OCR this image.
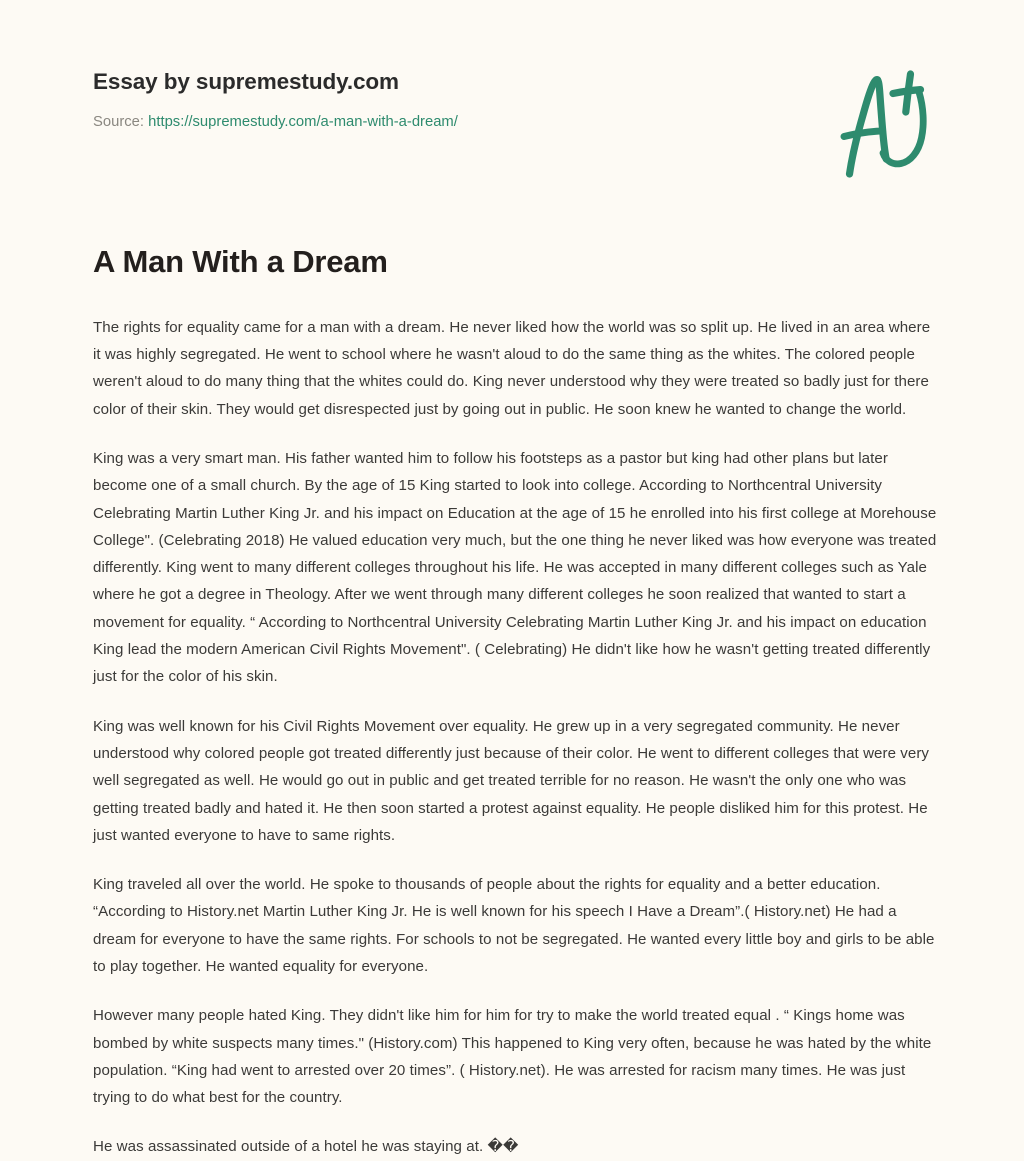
Essay by supremestudy.com
Source: https://supremestudy.com/a-man-with-a-dream/
A Man With a Dream

The rights for equality came for a man with a dream. He never liked how the world was so split up. He lived in an area where it was highly segregated. He went to school where he wasn't aloud to do the same thing as the whites. The colored people weren't aloud to do many thing that the whites could do. King never understood why they were treated so badly just for there color of their skin. They would get disrespected just by going out in public. He soon knew he wanted to change the world.

King was a very smart man. His father wanted him to follow his footsteps as a pastor but king had other plans but later become one of a small church. By the age of 15 King started to look into college. According to Northcentral University Celebrating Martin Luther King Jr. and his impact on Education at the age of 15 he enrolled into his first college at Morehouse College". (Celebrating 2018) He valued education very much, but the one thing he never liked was how everyone was treated differently. King went to many different colleges throughout his life. He was accepted in many different colleges such as Yale where he got a degree in Theology. After we went through many different colleges he soon realized that wanted to start a movement for equality. “ According to Northcentral University Celebrating Martin Luther King Jr. and his impact on education King lead the modern American Civil Rights Movement". ( Celebrating) He didn't like how he wasn't getting treated differently just for the color of his skin.

King was well known for his Civil Rights Movement over equality. He grew up in a very segregated community. He never understood why colored people got treated differently just because of their color. He went to different colleges that were very well segregated as well. He would go out in public and get treated terrible for no reason. He wasn't the only one who was getting treated badly and hated it. He then soon started a protest against equality. He people disliked him for this protest. He just wanted everyone to have to same rights.

King traveled all over the world. He spoke to thousands of people about the rights for equality and a better education. “According to History.net Martin Luther King Jr. He is well known for his speech I Have a Dream”.( History.net) He had a dream for everyone to have the same rights. For schools to not be segregated. He wanted every little boy and girls to be able to play together. He wanted equality for everyone.

However many people hated King. They didn't like him for him for try to make the world treated equal . “ Kings home was bombed by white suspects many times." (History.com) This happened to King very often, because he was hated by the white population. “King had went to arrested over 20 times”. ( History.net). He was arrested for racism many times. He was just trying to do what best for the country.

He was assassinated outside of a hotel he was staying at. ��
